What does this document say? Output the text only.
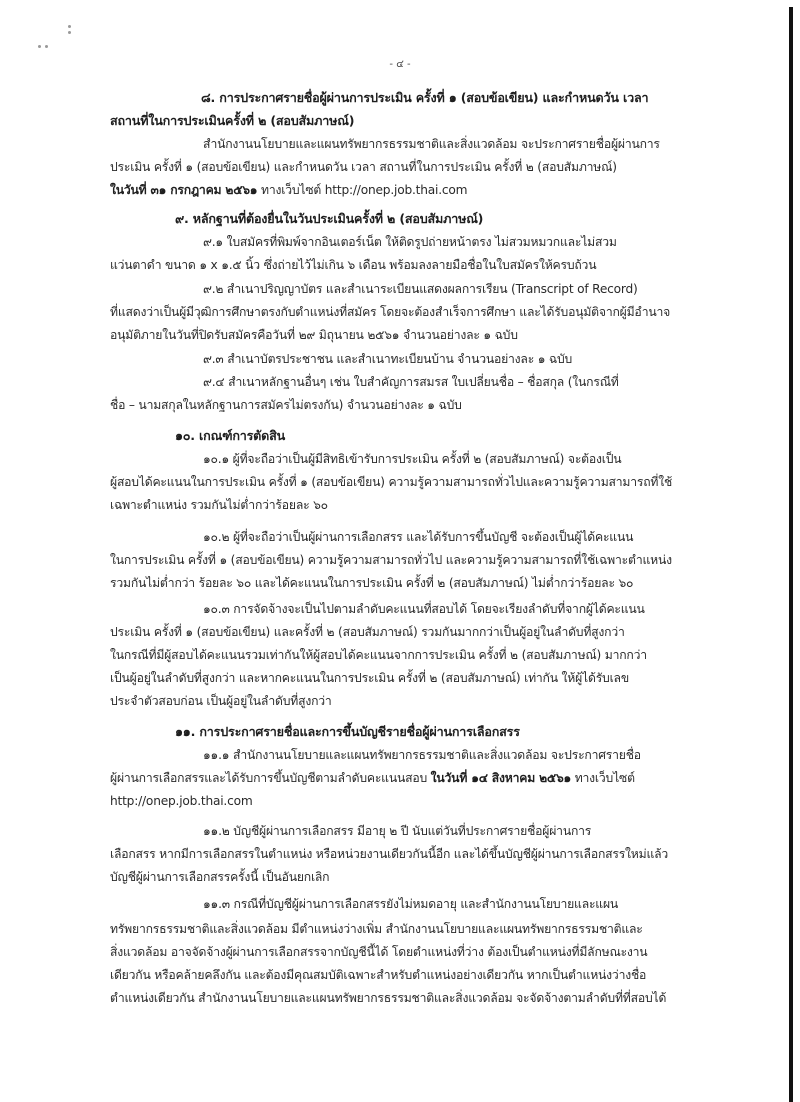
- ๔ -
๘. การประกาศรายชื่อผู้ผ่านการประเมิน ครั้งที่ ๑ (สอบข้อเขียน) และกำหนดวัน เวลา
สถานที่ในการประเมินครั้งที่ ๒ (สอบสัมภาษณ์)
สำนักงานนโยบายและแผนทรัพยากรธรรมชาติและสิ่งแวดล้อม จะประกาศรายชื่อผู้ผ่านการ
ประเมิน ครั้งที่ ๑ (สอบข้อเขียน) และกำหนดวัน เวลา สถานที่ในการประเมิน ครั้งที่ ๒ (สอบสัมภาษณ์)
ในวันที่ ๓๑ กรกฎาคม ๒๕๖๑ ทางเว็บไซต์ http://onep.job.thai.com
๙. หลักฐานที่ต้องยื่นในวันประเมินครั้งที่ ๒ (สอบสัมภาษณ์)
๙.๑ ใบสมัครที่พิมพ์จากอินเตอร์เน็ต ให้ติดรูปถ่ายหน้าตรง ไม่สวมหมวกและไม่สวม
แว่นตาดำ ขนาด ๑ x ๑.๕ นิ้ว ซึ่งถ่ายไว้ไม่เกิน ๖ เดือน พร้อมลงลายมือชื่อในใบสมัครให้ครบถ้วน
๙.๒ สำเนาปริญญาบัตร และสำเนาระเบียนแสดงผลการเรียน (Transcript of Record)
ที่แสดงว่าเป็นผู้มีวุฒิการศึกษาตรงกับตำแหน่งที่สมัคร โดยจะต้องสำเร็จการศึกษา และได้รับอนุมัติจากผู้มีอำนาจ
อนุมัติภายในวันที่ปิดรับสมัครคือวันที่ ๒๙ มิถุนายน ๒๕๖๑ จำนวนอย่างละ ๑ ฉบับ
๙.๓ สำเนาบัตรประชาชน และสำเนาทะเบียนบ้าน จำนวนอย่างละ ๑ ฉบับ
๙.๔ สำเนาหลักฐานอื่นๆ เช่น ใบสำคัญการสมรส ใบเปลี่ยนชื่อ – ชื่อสกุล (ในกรณีที่
ชื่อ – นามสกุลในหลักฐานการสมัครไม่ตรงกัน) จำนวนอย่างละ ๑ ฉบับ
๑๐. เกณฑ์การตัดสิน
๑๐.๑ ผู้ที่จะถือว่าเป็นผู้มีสิทธิเข้ารับการประเมิน ครั้งที่ ๒ (สอบสัมภาษณ์) จะต้องเป็น
ผู้สอบได้คะแนนในการประเมิน ครั้งที่ ๑ (สอบข้อเขียน) ความรู้ความสามารถทั่วไปและความรู้ความสามารถที่ใช้
เฉพาะตำแหน่ง รวมกันไม่ต่ำกว่าร้อยละ ๖๐
๑๐.๒ ผู้ที่จะถือว่าเป็นผู้ผ่านการเลือกสรร และได้รับการขึ้นบัญชี จะต้องเป็นผู้ได้คะแนน
ในการประเมิน ครั้งที่ ๑ (สอบข้อเขียน) ความรู้ความสามารถทั่วไป และความรู้ความสามารถที่ใช้เฉพาะตำแหน่ง
รวมกันไม่ต่ำกว่า ร้อยละ ๖๐ และได้คะแนนในการประเมิน ครั้งที่ ๒ (สอบสัมภาษณ์) ไม่ต่ำกว่าร้อยละ ๖๐
๑๐.๓ การจัดจ้างจะเป็นไปตามลำดับคะแนนที่สอบได้ โดยจะเรียงลำดับที่จากผู้ได้คะแนน
ประเมิน ครั้งที่ ๑ (สอบข้อเขียน) และครั้งที่ ๒ (สอบสัมภาษณ์) รวมกันมากกว่าเป็นผู้อยู่ในลำดับที่สูงกว่า
ในกรณีที่มีผู้สอบได้คะแนนรวมเท่ากันให้ผู้สอบได้คะแนนจากการประเมิน ครั้งที่ ๒ (สอบสัมภาษณ์) มากกว่า
เป็นผู้อยู่ในลำดับที่สูงกว่า และหากคะแนนในการประเมิน ครั้งที่ ๒ (สอบสัมภาษณ์) เท่ากัน ให้ผู้ได้รับเลข
ประจำตัวสอบก่อน เป็นผู้อยู่ในลำดับที่สูงกว่า
๑๑. การประกาศรายชื่อและการขึ้นบัญชีรายชื่อผู้ผ่านการเลือกสรร
๑๑.๑ สำนักงานนโยบายและแผนทรัพยากรธรรมชาติและสิ่งแวดล้อม จะประกาศรายชื่อ
ผู้ผ่านการเลือกสรรและได้รับการขึ้นบัญชีตามลำดับคะแนนสอบ ในวันที่ ๑๔ สิงหาคม ๒๕๖๑ ทางเว็บไซต์
http://onep.job.thai.com
๑๑.๒ บัญชีผู้ผ่านการเลือกสรร มีอายุ ๒ ปี นับแต่วันที่ประกาศรายชื่อผู้ผ่านการ
เลือกสรร หากมีการเลือกสรรในตำแหน่ง หรือหน่วยงานเดียวกันนี้อีก และได้ขึ้นบัญชีผู้ผ่านการเลือกสรรใหม่แล้ว
บัญชีผู้ผ่านการเลือกสรรครั้งนี้ เป็นอันยกเลิก
๑๑.๓ กรณีที่บัญชีผู้ผ่านการเลือกสรรยังไม่หมดอายุ และสำนักงานนโยบายและแผน
ทรัพยากรธรรมชาติและสิ่งแวดล้อม มีตำแหน่งว่างเพิ่ม สำนักงานนโยบายและแผนทรัพยากรธรรมชาติและ
สิ่งแวดล้อม อาจจัดจ้างผู้ผ่านการเลือกสรรจากบัญชีนี้ได้ โดยตำแหน่งที่ว่าง ต้องเป็นตำแหน่งที่มีลักษณะงาน
เดียวกัน หรือคล้ายคลึงกัน และต้องมีคุณสมบัติเฉพาะสำหรับตำแหน่งอย่างเดียวกัน หากเป็นตำแหน่งว่างชื่อ
ตำแหน่งเดียวกัน สำนักงานนโยบายและแผนทรัพยากรธรรมชาติและสิ่งแวดล้อม จะจัดจ้างตามลำดับที่ที่สอบได้
